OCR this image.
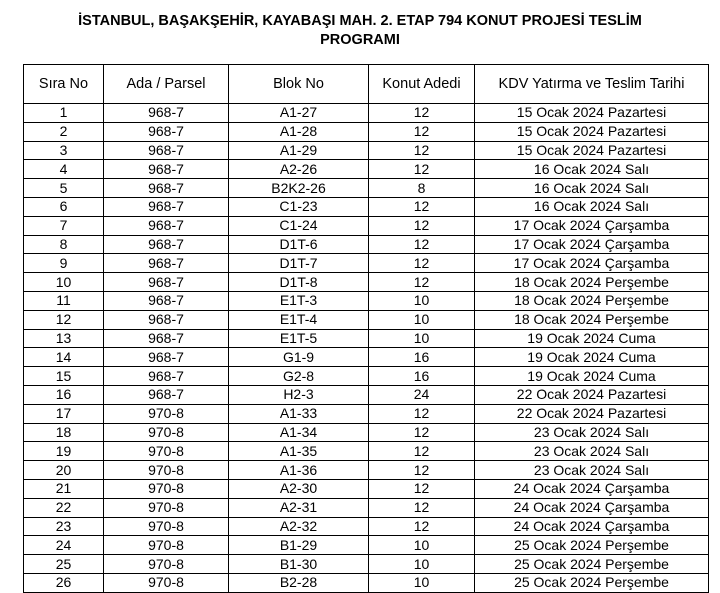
İSTANBUL, BAŞAKŞEHİR, KAYABAŞI MAH. 2. ETAP 794 KONUT PROJESİ TESLİM
PROGRAMI
Sıra No	Ada / Parsel	Blok No	Konut Adedi	KDV Yatırma ve Teslim Tarihi
1	968-7	A1-27	12	15 Ocak 2024 Pazartesi
2	968-7	A1-28	12	15 Ocak 2024 Pazartesi
3	968-7	A1-29	12	15 Ocak 2024 Pazartesi
4	968-7	A2-26	12	16 Ocak 2024 Salı
5	968-7	B2K2-26	8	16 Ocak 2024 Salı
6	968-7	C1-23	12	16 Ocak 2024 Salı
7	968-7	C1-24	12	17 Ocak 2024 Çarşamba
8	968-7	D1T-6	12	17 Ocak 2024 Çarşamba
9	968-7	D1T-7	12	17 Ocak 2024 Çarşamba
10	968-7	D1T-8	12	18 Ocak 2024 Perşembe
11	968-7	E1T-3	10	18 Ocak 2024 Perşembe
12	968-7	E1T-4	10	18 Ocak 2024 Perşembe
13	968-7	E1T-5	10	19 Ocak 2024 Cuma
14	968-7	G1-9	16	19 Ocak 2024 Cuma
15	968-7	G2-8	16	19 Ocak 2024 Cuma
16	968-7	H2-3	24	22 Ocak 2024 Pazartesi
17	970-8	A1-33	12	22 Ocak 2024 Pazartesi
18	970-8	A1-34	12	23 Ocak 2024 Salı
19	970-8	A1-35	12	23 Ocak 2024 Salı
20	970-8	A1-36	12	23 Ocak 2024 Salı
21	970-8	A2-30	12	24 Ocak 2024 Çarşamba
22	970-8	A2-31	12	24 Ocak 2024 Çarşamba
23	970-8	A2-32	12	24 Ocak 2024 Çarşamba
24	970-8	B1-29	10	25 Ocak 2024 Perşembe
25	970-8	B1-30	10	25 Ocak 2024 Perşembe
26	970-8	B2-28	10	25 Ocak 2024 Perşembe
